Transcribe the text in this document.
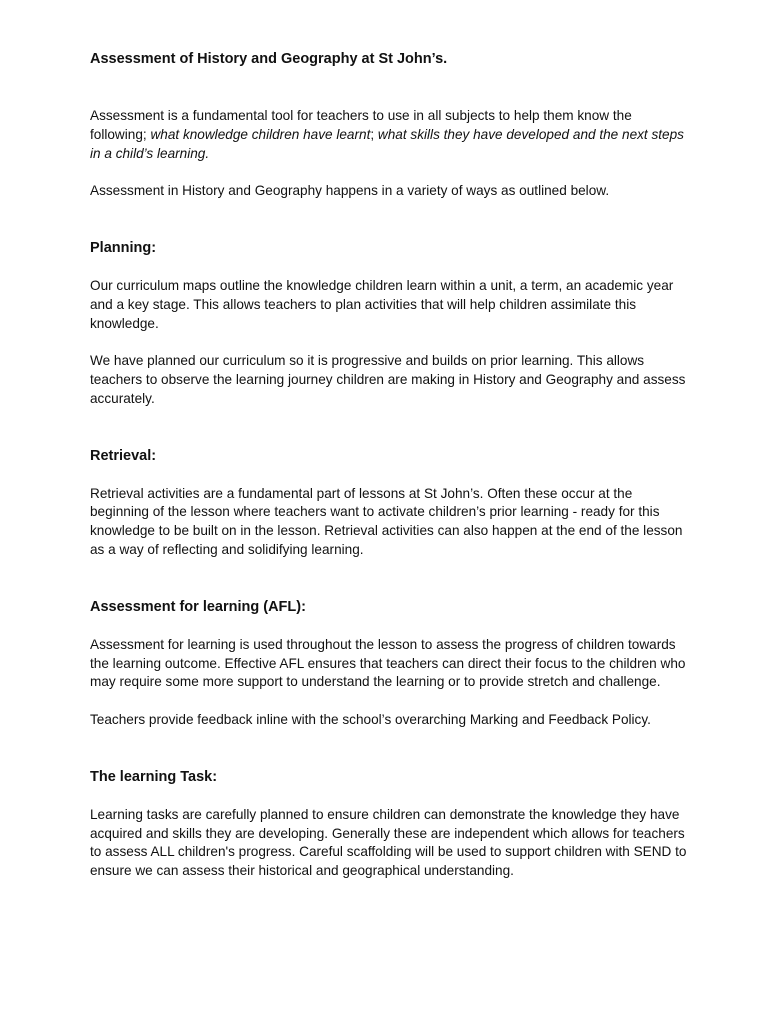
Assessment of History and Geography at St John’s.

Assessment is a fundamental tool for teachers to use in all subjects to help them know the following; what knowledge children have learnt; what skills they have developed and the next steps in a child’s learning.

Assessment in History and Geography happens in a variety of ways as outlined below.

Planning:

Our curriculum maps outline the knowledge children learn within a unit, a term, an academic year and a key stage. This allows teachers to plan activities that will help children assimilate this knowledge.

We have planned our curriculum so it is progressive and builds on prior learning. This allows teachers to observe the learning journey children are making in History and Geography and assess accurately.

Retrieval:

Retrieval activities are a fundamental part of lessons at St John’s. Often these occur at the beginning of the lesson where teachers want to activate children’s prior learning - ready for this knowledge to be built on in the lesson. Retrieval activities can also happen at the end of the lesson as a way of reflecting and solidifying learning.

Assessment for learning (AFL):

Assessment for learning is used throughout the lesson to assess the progress of children towards the learning outcome. Effective AFL ensures that teachers can direct their focus to the children who may require some more support to understand the learning or to provide stretch and challenge.

Teachers provide feedback inline with the school’s overarching Marking and Feedback Policy.

The learning Task:

Learning tasks are carefully planned to ensure children can demonstrate the knowledge they have acquired and skills they are developing. Generally these are independent which allows for teachers to assess ALL children's progress. Careful scaffolding will be used to support children with SEND to ensure we can assess their historical and geographical understanding.
